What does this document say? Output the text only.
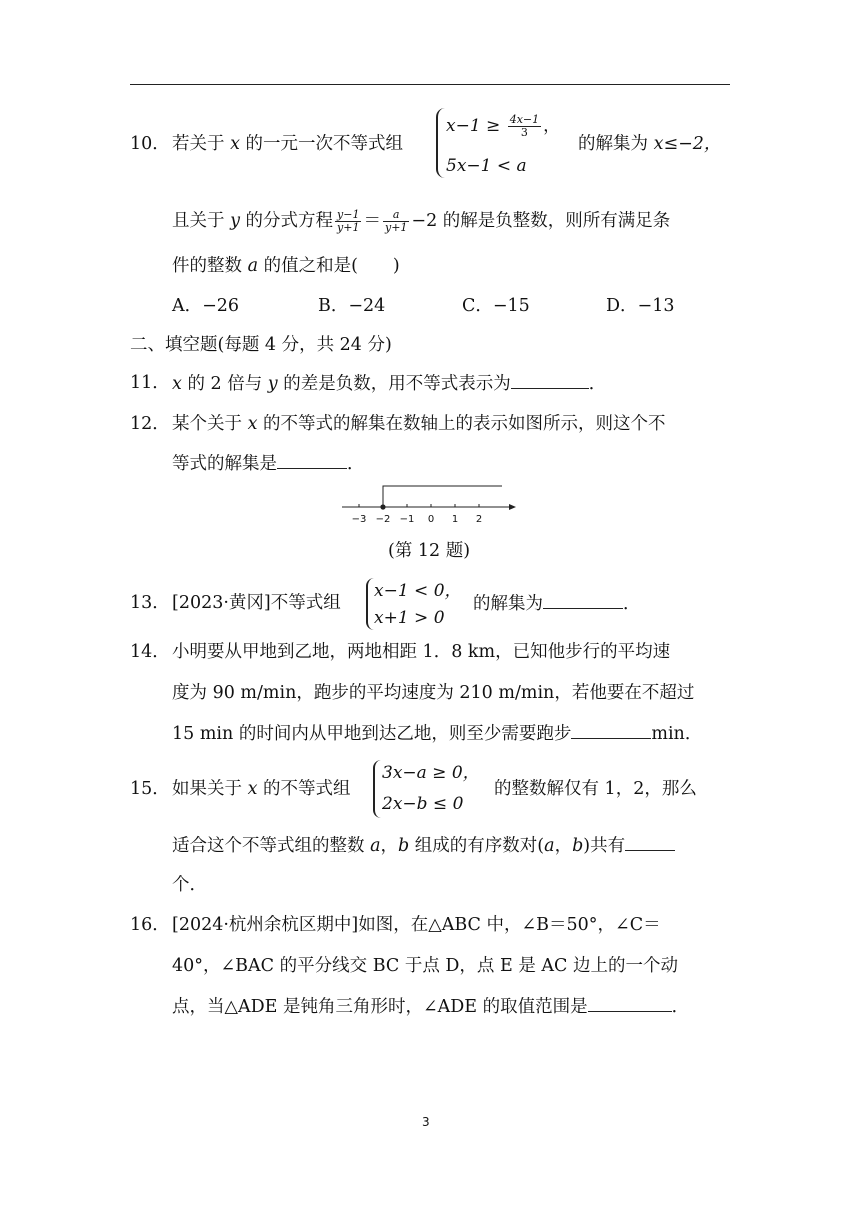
10． 若关于 x 的一元一次不等式组
$x-1 \ge \frac{4x-1}{3}$ ，
5x−1 < a
的解集为 x≤−2，
且关于 y 的分式方程 $\frac{y-1}{y+1} = \frac{a}{y+1} -2$ 的解是负整数，则所有满足条
件的整数 a 的值之和是(　　)
A．−26	B．−24	C．−15	D．−13
二、填空题(每题 4 分，共 24 分)
11． x 的 2 倍与 y 的差是负数，用不等式表示为	．
12． 某个关于 x 的不等式的解集在数轴上的表示如图所示，则这个不
等式的解集是	．
−3 −2 −1 0 1 2
(第 12 题)
13． [2023·黄冈]不等式组
x−1 < 0，
x+1 > 0
的解集为	．
14． 小明要从甲地到乙地，两地相距 1．8 km，已知他步行的平均速
度为 90 m/min，跑步的平均速度为 210 m/min，若他要在不超过
15 min 的时间内从甲地到达乙地，则至少需要跑步	min．
15． 如果关于 x 的不等式组
3x−a ≥ 0，
2x−b ≤ 0
的整数解仅有 1，2，那么
适合这个不等式组的整数 a，b 组成的有序数对(a，b)共有
个．
16． [2024·杭州余杭区期中]如图，在△ABC 中，∠B＝50°，∠C＝
40°，∠BAC 的平分线交 BC 于点 D，点 E 是 AC 边上的一个动
点，当△ADE 是钝角三角形时，∠ADE 的取值范围是	．
3
